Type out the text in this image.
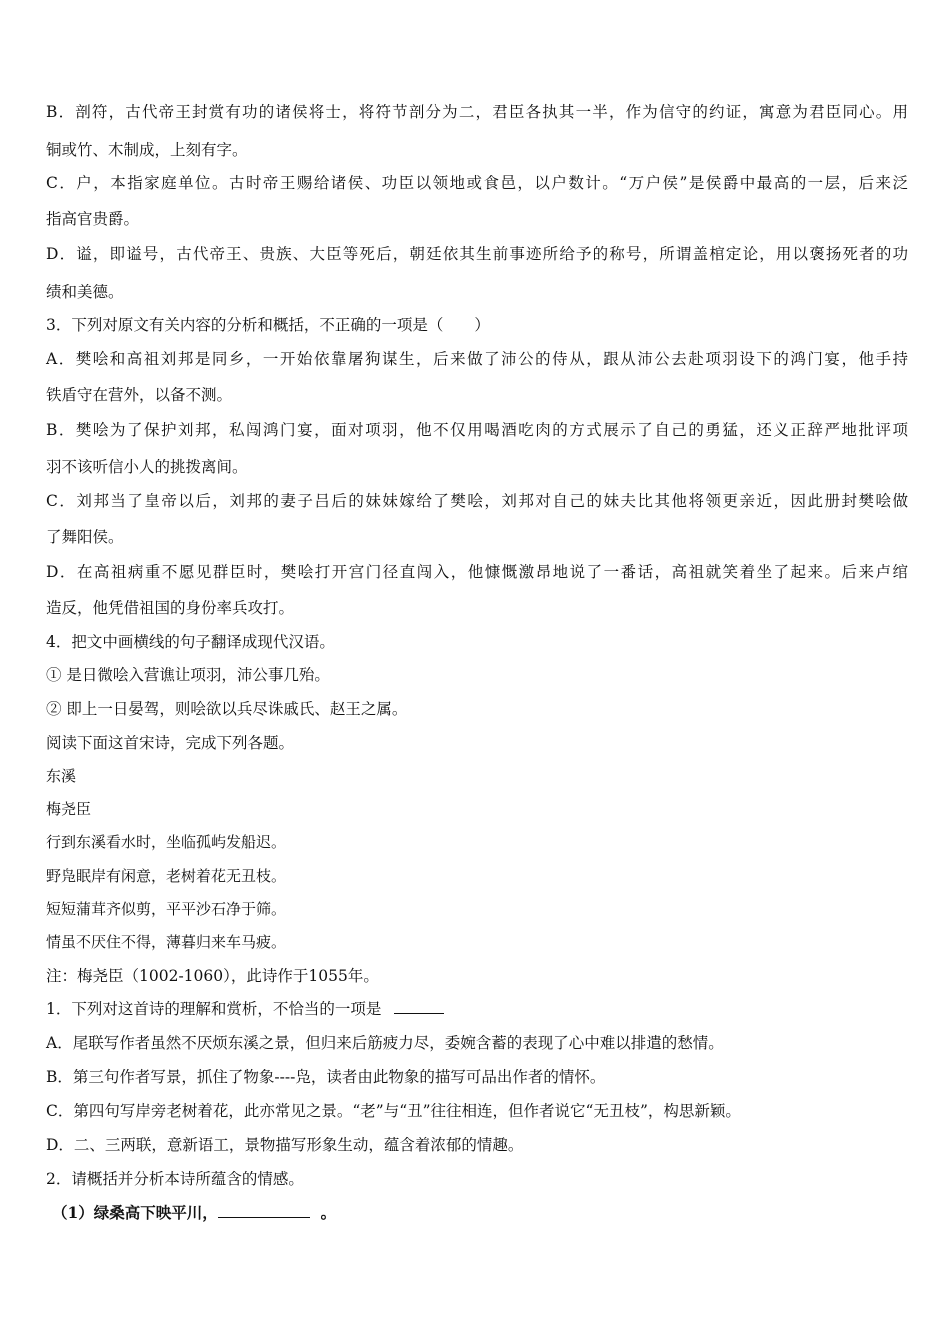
B．剖符，古代帝王封赏有功的诸侯将士，将符节剖分为二，君臣各执其一半，作为信守的约证，寓意为君臣同心。用
铜或竹、木制成，上刻有字。
C．户，本指家庭单位。古时帝王赐给诸侯、功臣以领地或食邑，以户数计。“万户侯”是侯爵中最高的一层，后来泛
指高官贵爵。
D．谥，即谥号，古代帝王、贵族、大臣等死后，朝廷依其生前事迹所给予的称号，所谓盖棺定论，用以褒扬死者的功
绩和美德。
3．下列对原文有关内容的分析和概括，不正确的一项是（　　）
A．樊哙和高祖刘邦是同乡，一开始依靠屠狗谋生，后来做了沛公的侍从，跟从沛公去赴项羽设下的鸿门宴，他手持
铁盾守在营外，以备不测。
B．樊哙为了保护刘邦，私闯鸿门宴，面对项羽，他不仅用喝酒吃肉的方式展示了自己的勇猛，还义正辞严地批评项
羽不该听信小人的挑拨离间。
C．刘邦当了皇帝以后，刘邦的妻子吕后的妹妹嫁给了樊哙，刘邦对自己的妹夫比其他将领更亲近，因此册封樊哙做
了舞阳侯。
D．在高祖病重不愿见群臣时，樊哙打开宫门径直闯入，他慷慨激昂地说了一番话，高祖就笑着坐了起来。后来卢绾
造反，他凭借祖国的身份率兵攻打。
4．把文中画横线的句子翻译成现代汉语。
① 是日微哙入营谯让项羽，沛公事几殆。
② 即上一日晏驾，则哙欲以兵尽诛戚氏、赵王之属。
阅读下面这首宋诗，完成下列各题。
东溪
梅尧臣
行到东溪看水时，坐临孤屿发船迟。
野凫眠岸有闲意，老树着花无丑枝。
短短蒲茸齐似剪，平平沙石净于筛。
情虽不厌住不得，薄暮归来车马疲。
注：梅尧臣（1002-1060），此诗作于1055年。
1．下列对这首诗的理解和赏析，不恰当的一项是
A．尾联写作者虽然不厌烦东溪之景，但归来后筋疲力尽，委婉含蓄的表现了心中难以排遣的愁情。
B．第三句作者写景，抓住了物象----凫，读者由此物象的描写可品出作者的情怀。
C．第四句写岸旁老树着花，此亦常见之景。“老”与“丑”往往相连，但作者说它“无丑枝”，构思新颖。
D．二、三两联，意新语工，景物描写形象生动，蕴含着浓郁的情趣。
2．请概括并分析本诗所蕴含的情感。
（1）绿桑高下映平川，	。
